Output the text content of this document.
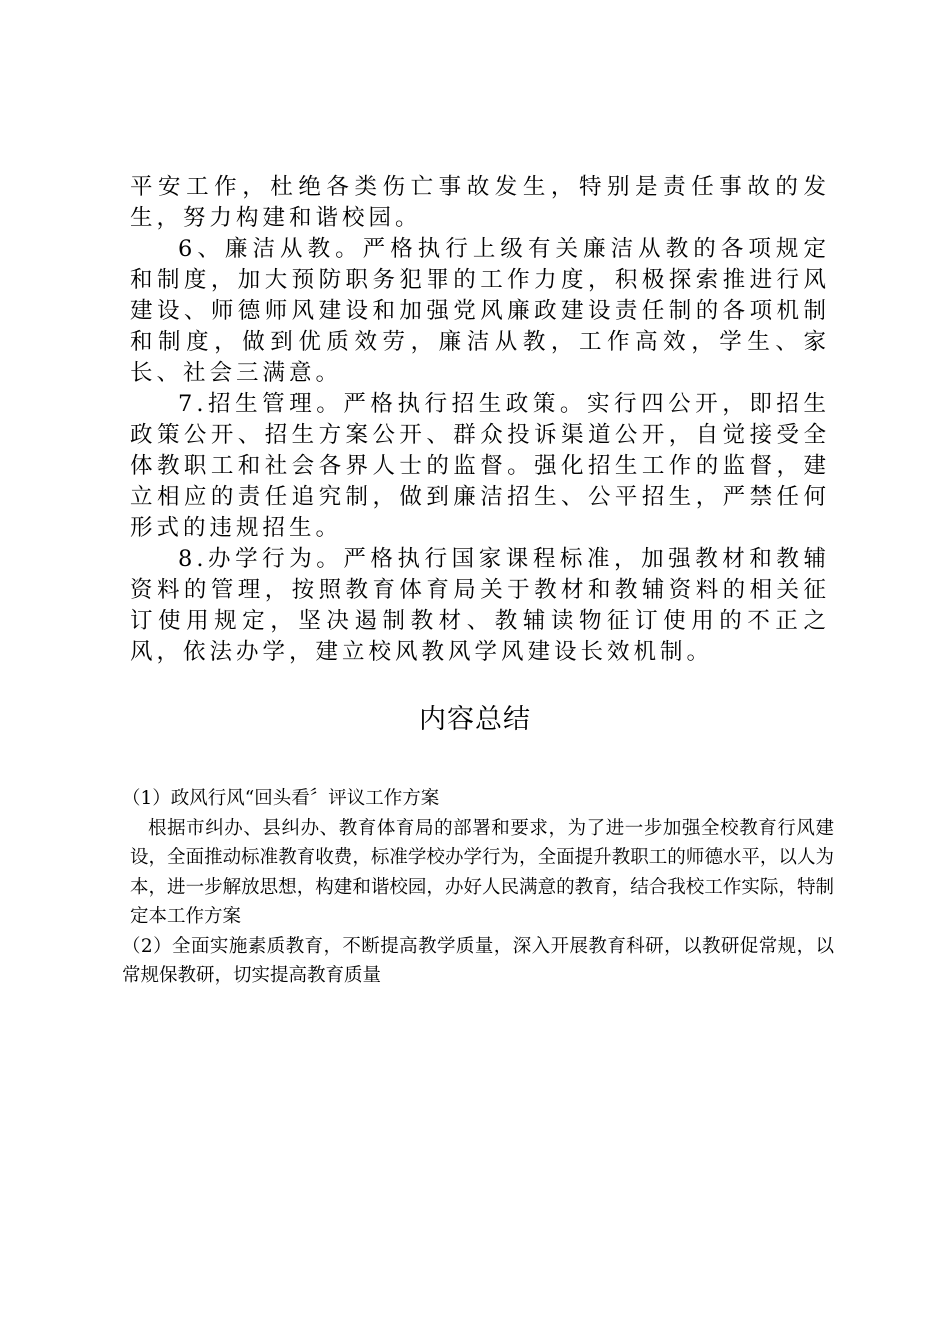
平安工作，杜绝各类伤亡事故发生，特别是责任事故的发生，努力构建和谐校园。

6、廉洁从教。严格执行上级有关廉洁从教的各项规定和制度，加大预防职务犯罪的工作力度，积极探索推进行风建设、师德师风建设和加强党风廉政建设责任制的各项机制和制度，做到优质效劳，廉洁从教，工作高效，学生、家长、社会三满意。

7.招生管理。严格执行招生政策。实行四公开，即招生政策公开、招生方案公开、群众投诉渠道公开，自觉接受全体教职工和社会各界人士的监督。强化招生工作的监督，建立相应的责任追究制，做到廉洁招生、公平招生，严禁任何形式的违规招生。

8.办学行为。严格执行国家课程标准，加强教材和教辅资料的管理，按照教育体育局关于教材和教辅资料的相关征订使用规定，坚决遏制教材、教辅读物征订使用的不正之风，依法办学，建立校风教风学风建设长效机制。

内容总结

（1）政风行风“回头看〞评议工作方案

根据市纠办、县纠办、教育体育局的部署和要求，为了进一步加强全校教育行风建设，全面推动标准教育收费，标准学校办学行为，全面提升教职工的师德水平，以人为本，进一步解放思想，构建和谐校园，办好人民满意的教育，结合我校工作实际，特制定本工作方案

（2）全面实施素质教育，不断提高教学质量，深入开展教育科研，以教研促常规，以常规保教研，切实提高教育质量
